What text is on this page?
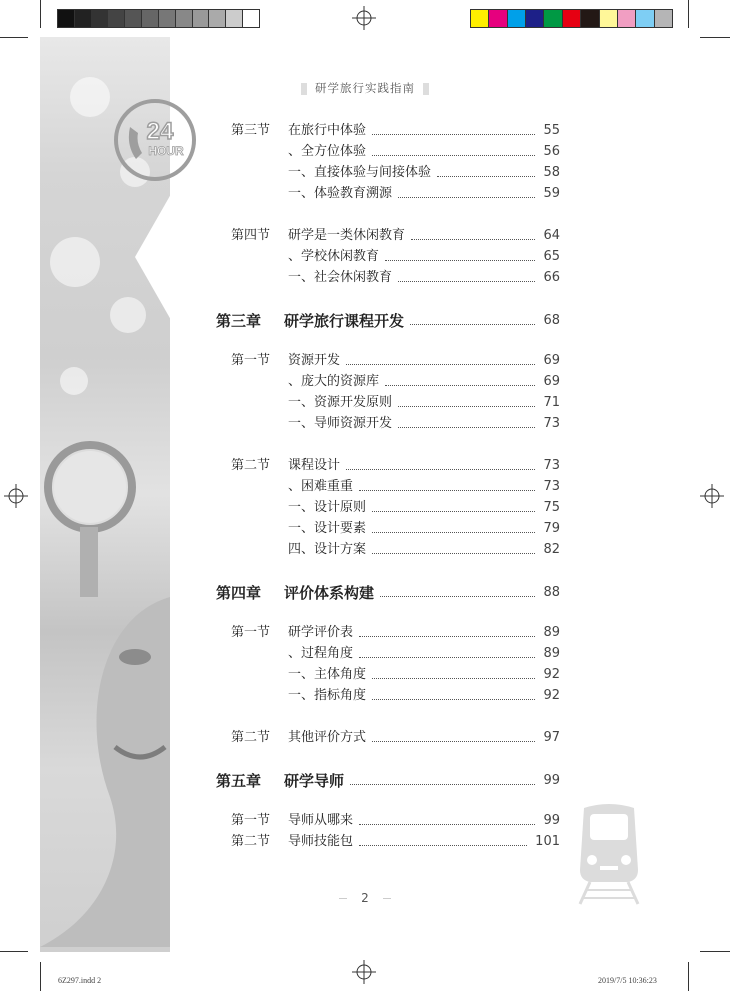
24
HOUR
研学旅行实践指南
第三节 在旅行中体验	55
、全方位体验	56
一、直接体验与间接体验	58
一、体验教育溯源	59
第四节 研学是一类休闲教育	64
、学校休闲教育	65
一、社会休闲教育	66
第三章 研学旅行课程开发	68
第一节 资源开发	69
、庞大的资源库	69
一、资源开发原则	71
一、导师资源开发	73
第二节 课程设计	73
、困难重重	73
一、设计原则	75
一、设计要素	79
四、设计方案	82
第四章 评价体系构建	88
第一节 研学评价表	89
、过程角度	89
一、主体角度	92
一、指标角度	92
第二节 其他评价方式	97
第五章 研学导师	99
第一节 导师从哪来	99
第二节 导师技能包	101
2
6Z297.indd 2	2019/7/5 10:36:23
